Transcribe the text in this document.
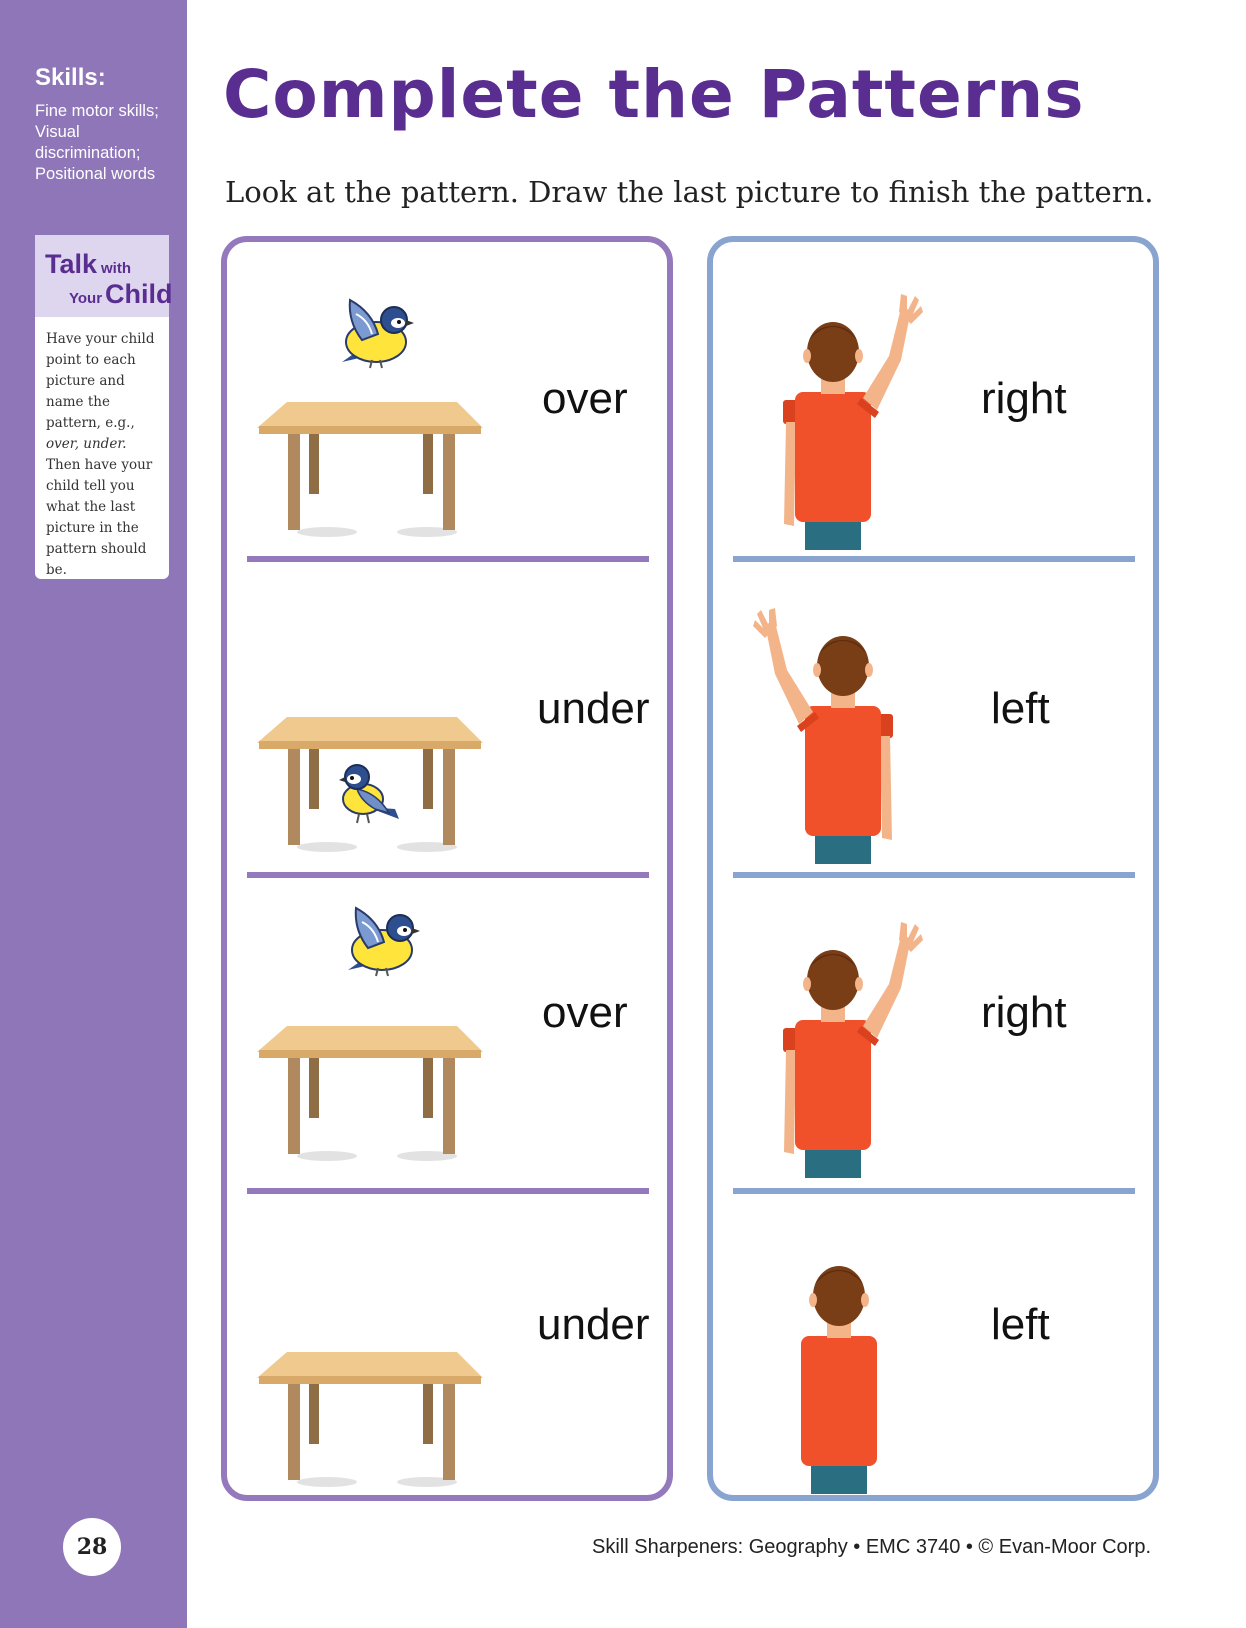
Skills:
Fine motor skills; Visual discrimination; Positional words
Talk with
Your Child
Have your child point to each picture and name the pattern, e.g., over, under. Then have your child tell you what the last picture in the pattern should be.
28
Complete the Patterns
Look at the pattern. Draw the last picture to finish the pattern.
over
under
over
under
right
left
right
left
Skill Sharpeners: Geography • EMC 3740 • © Evan-Moor Corp.
